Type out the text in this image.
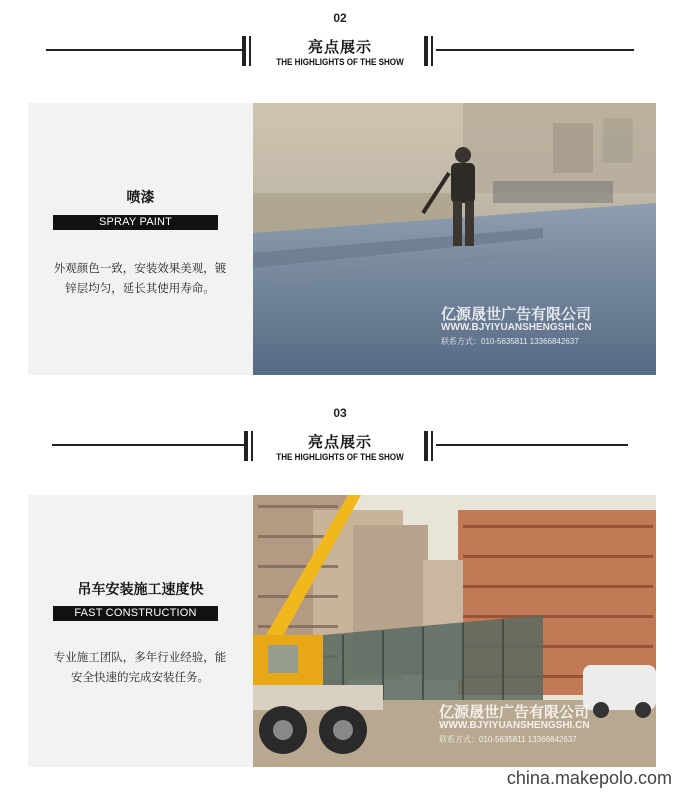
02
亮点展示
THE HIGHLIGHTS OF THE SHOW
喷漆
SPRAY PAINT
外观颜色一致，安装效果美观，镀锌层均匀，延长其使用寿命。
亿源晟世广告有限公司
WWW.BJYIYUANSHENGSHI.CN
联系方式：010-5635811 13366842637
03
亮点展示
THE HIGHLIGHTS OF THE SHOW
吊车安装施工速度快
FAST CONSTRUCTION
专业施工团队，多年行业经验，能安全快速的完成安装任务。
亿源晟世广告有限公司
WWW.BJYIYUANSHENGSHI.CN
联系方式：010-5635811 13366842637
china.makepolo.com
